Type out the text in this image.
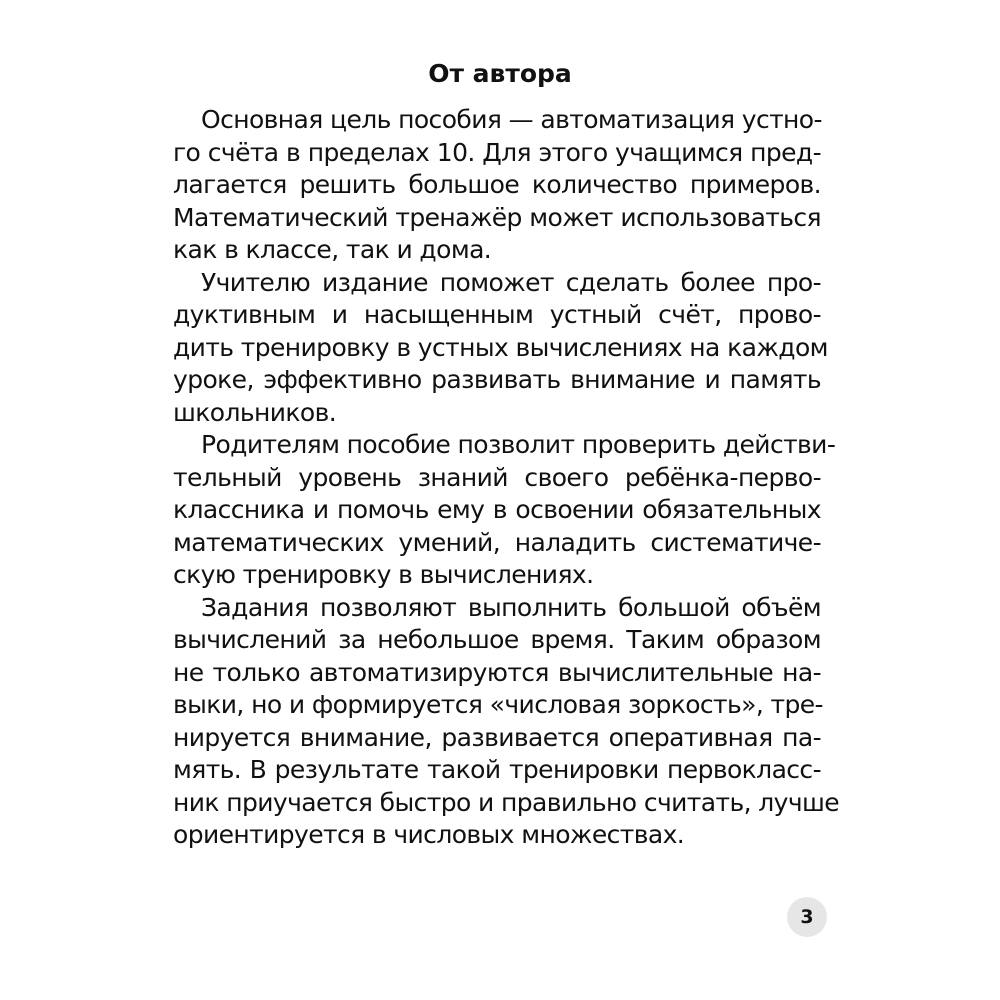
От автора
Основная цель пособия — автоматизация устно-
го счёта в пределах 10. Для этого учащимся пред-
лагается решить большое количество примеров.
Математический тренажёр может использоваться
как в классе, так и дома.
Учителю издание поможет сделать более про-
дуктивным и насыщенным устный счёт, прово-
дить тренировку в устных вычислениях на каждом
уроке, эффективно развивать внимание и память
школьников.
Родителям пособие позволит проверить действи-
тельный уровень знаний своего ребёнка-перво-
классника и помочь ему в освоении обязательных
математических умений, наладить систематиче-
скую тренировку в вычислениях.
Задания позволяют выполнить большой объём
вычислений за небольшое время. Таким образом
не только автоматизируются вычислительные на-
выки, но и формируется «числовая зоркость», тре-
нируется внимание, развивается оперативная па-
мять. В результате такой тренировки первокласс-
ник приучается быстро и правильно считать, лучше
ориентируется в числовых множествах.
3
